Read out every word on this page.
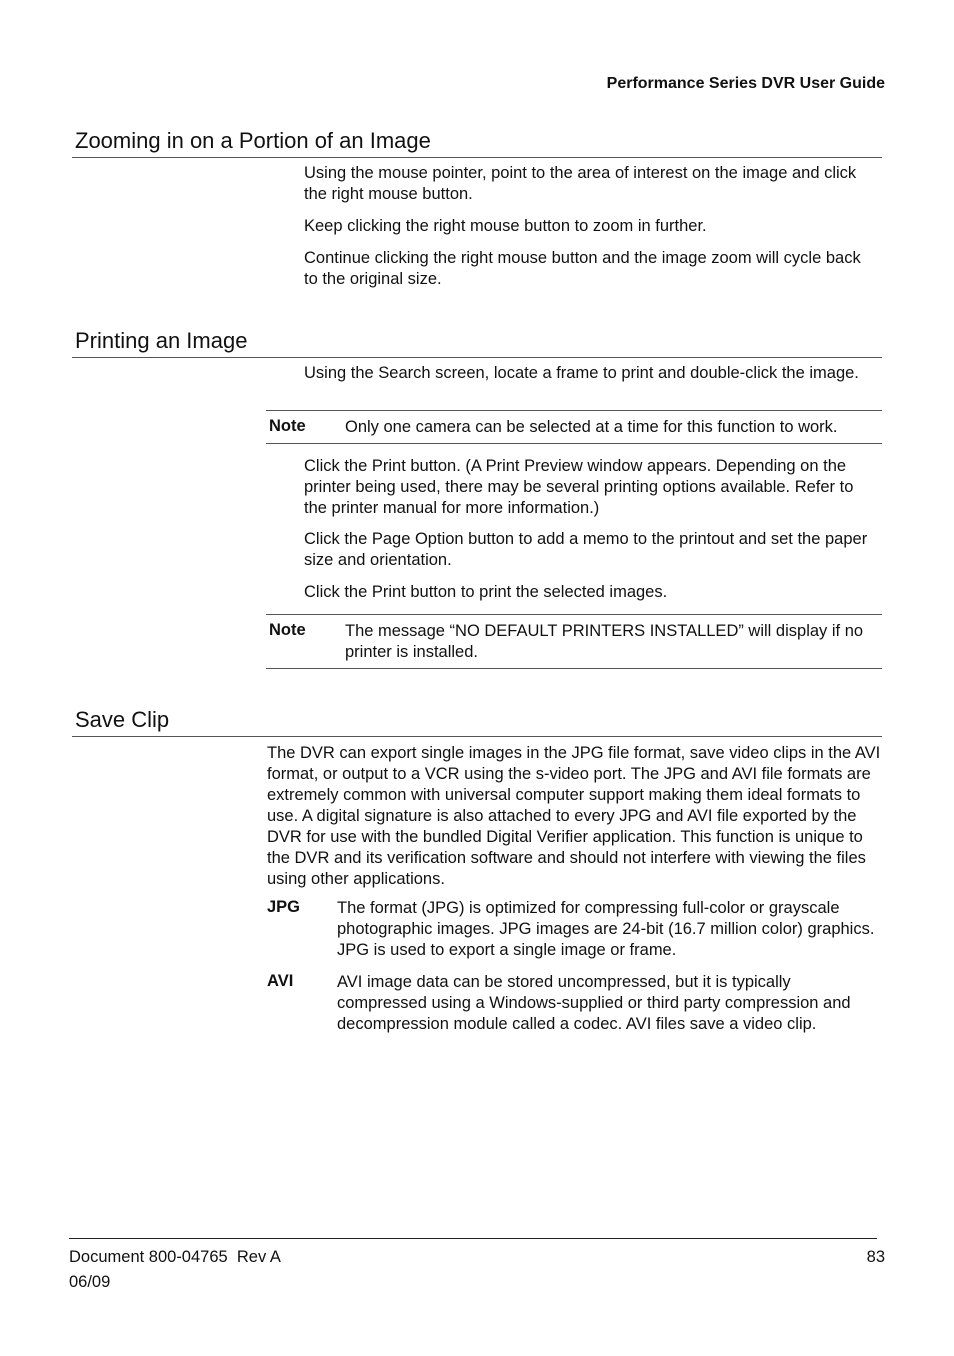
Performance Series DVR User Guide
Zooming in on a Portion of an Image
Using the mouse pointer, point to the area of interest on the image and click the right mouse button.
Keep clicking the right mouse button to zoom in further.
Continue clicking the right mouse button and the image zoom will cycle back to the original size.
Printing an Image
Using the Search screen, locate a frame to print and double-click the image.
Note Only one camera can be selected at a time for this function to work.
Click the Print button. (A Print Preview window appears. Depending on the printer being used, there may be several printing options available. Refer to the printer manual for more information.)
Click the Page Option button to add a memo to the printout and set the paper size and orientation.
Click the Print button to print the selected images.
Note The message “NO DEFAULT PRINTERS INSTALLED” will display if no printer is installed.
Save Clip
The DVR can export single images in the JPG file format, save video clips in the AVI format, or output to a VCR using the s-video port. The JPG and AVI file formats are extremely common with universal computer support making them ideal formats to use. A digital signature is also attached to every JPG and AVI file exported by the DVR for use with the bundled Digital Verifier application. This function is unique to the DVR and its verification software and should not interfere with viewing the files using other applications.
JPG The format (JPG) is optimized for compressing full-color or grayscale photographic images. JPG images are 24-bit (16.7 million color) graphics. JPG is used to export a single image or frame.
AVI	AVI image data can be stored uncompressed, but it is typically compressed using a Windows-supplied or third party compression and decompression module called a codec. AVI files save a video clip.
Document 800-04765  Rev A
06/09
83
